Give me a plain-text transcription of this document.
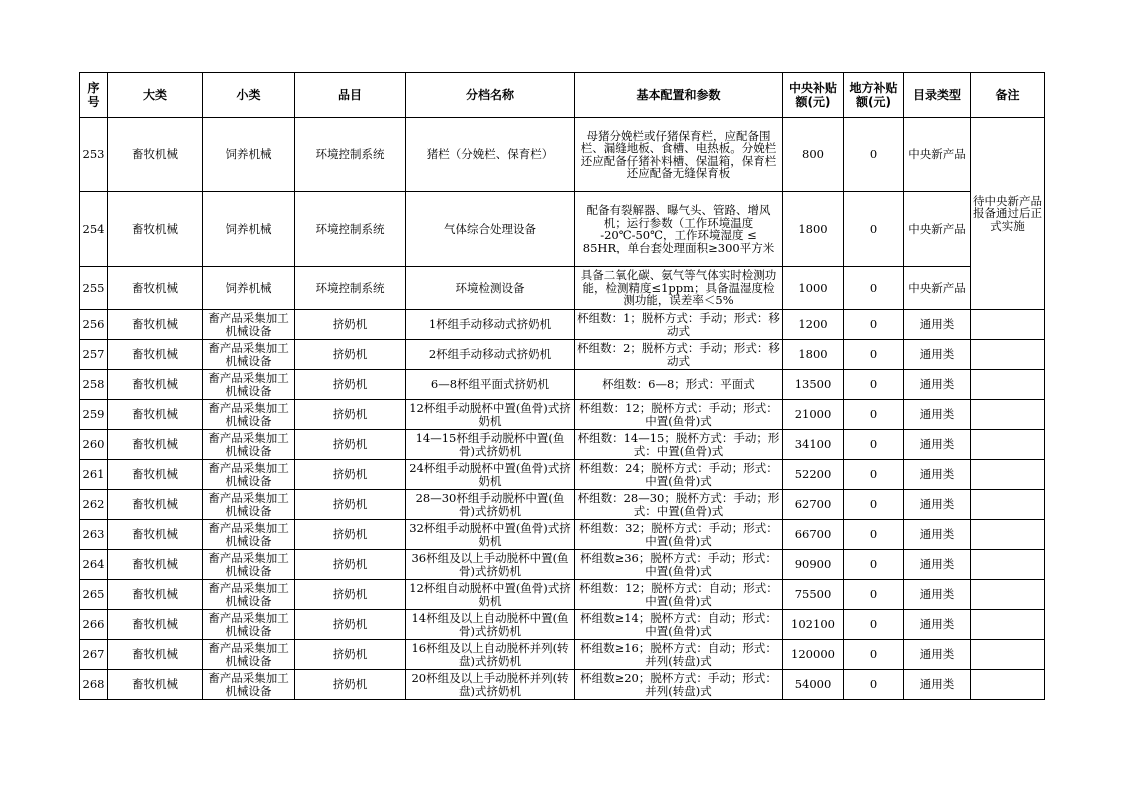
序号	大类	小类	品目	分档名称	基本配置和参数	中央补贴额(元)	地方补贴额(元)	目录类型	备注
253	畜牧机械	饲养机械	环境控制系统	猪栏（分娩栏、保育栏）	母猪分娩栏或仔猪保育栏，应配备围栏、漏缝地板、食槽、电热板。分娩栏还应配备仔猪补料槽、保温箱，保育栏还应配备无缝保育板	800	0	中央新产品	待中央新产品报备通过后正式实施
254	畜牧机械	饲养机械	环境控制系统	气体综合处理设备	配备有裂解器、曝气头、管路、增风机；运行参数（工作环境温度 -20℃-50℃，工作环境湿度 ≤ 85HR，单台套处理面积≥300平方米	1800	0	中央新产品	
255	畜牧机械	饲养机械	环境控制系统	环境检测设备	具备二氧化碳、氨气等气体实时检测功能，检测精度≤1ppm；具备温湿度检测功能，误差率＜5%	1000	0	中央新产品	
256	畜牧机械	畜产品采集加工机械设备	挤奶机	1杯组手动移动式挤奶机	杯组数：1；脱杯方式：手动；形式：移动式	1200	0	通用类	
257	畜牧机械	畜产品采集加工机械设备	挤奶机	2杯组手动移动式挤奶机	杯组数：2；脱杯方式：手动；形式：移动式	1800	0	通用类	
258	畜牧机械	畜产品采集加工机械设备	挤奶机	6—8杯组平面式挤奶机	杯组数：6—8；形式：平面式	13500	0	通用类	
259	畜牧机械	畜产品采集加工机械设备	挤奶机	12杯组手动脱杯中置(鱼骨)式挤奶机	杯组数：12；脱杯方式：手动；形式：中置(鱼骨)式	21000	0	通用类	
260	畜牧机械	畜产品采集加工机械设备	挤奶机	14—15杯组手动脱杯中置(鱼骨)式挤奶机	杯组数：14—15；脱杯方式：手动；形式：中置(鱼骨)式	34100	0	通用类	
261	畜牧机械	畜产品采集加工机械设备	挤奶机	24杯组手动脱杯中置(鱼骨)式挤奶机	杯组数：24；脱杯方式：手动；形式：中置(鱼骨)式	52200	0	通用类	
262	畜牧机械	畜产品采集加工机械设备	挤奶机	28—30杯组手动脱杯中置(鱼骨)式挤奶机	杯组数：28—30；脱杯方式：手动；形式：中置(鱼骨)式	62700	0	通用类	
263	畜牧机械	畜产品采集加工机械设备	挤奶机	32杯组手动脱杯中置(鱼骨)式挤奶机	杯组数：32；脱杯方式：手动；形式：中置(鱼骨)式	66700	0	通用类	
264	畜牧机械	畜产品采集加工机械设备	挤奶机	36杯组及以上手动脱杯中置(鱼骨)式挤奶机	杯组数≥36；脱杯方式：手动；形式：中置(鱼骨)式	90900	0	通用类	
265	畜牧机械	畜产品采集加工机械设备	挤奶机	12杯组自动脱杯中置(鱼骨)式挤奶机	杯组数：12；脱杯方式：自动；形式：中置(鱼骨)式	75500	0	通用类	
266	畜牧机械	畜产品采集加工机械设备	挤奶机	14杯组及以上自动脱杯中置(鱼骨)式挤奶机	杯组数≥14；脱杯方式：自动；形式：中置(鱼骨)式	102100	0	通用类	
267	畜牧机械	畜产品采集加工机械设备	挤奶机	16杯组及以上自动脱杯并列(转盘)式挤奶机	杯组数≥16；脱杯方式：自动；形式：并列(转盘)式	120000	0	通用类	
268	畜牧机械	畜产品采集加工机械设备	挤奶机	20杯组及以上手动脱杯并列(转盘)式挤奶机	杯组数≥20；脱杯方式：手动；形式：并列(转盘)式	54000	0	通用类	
